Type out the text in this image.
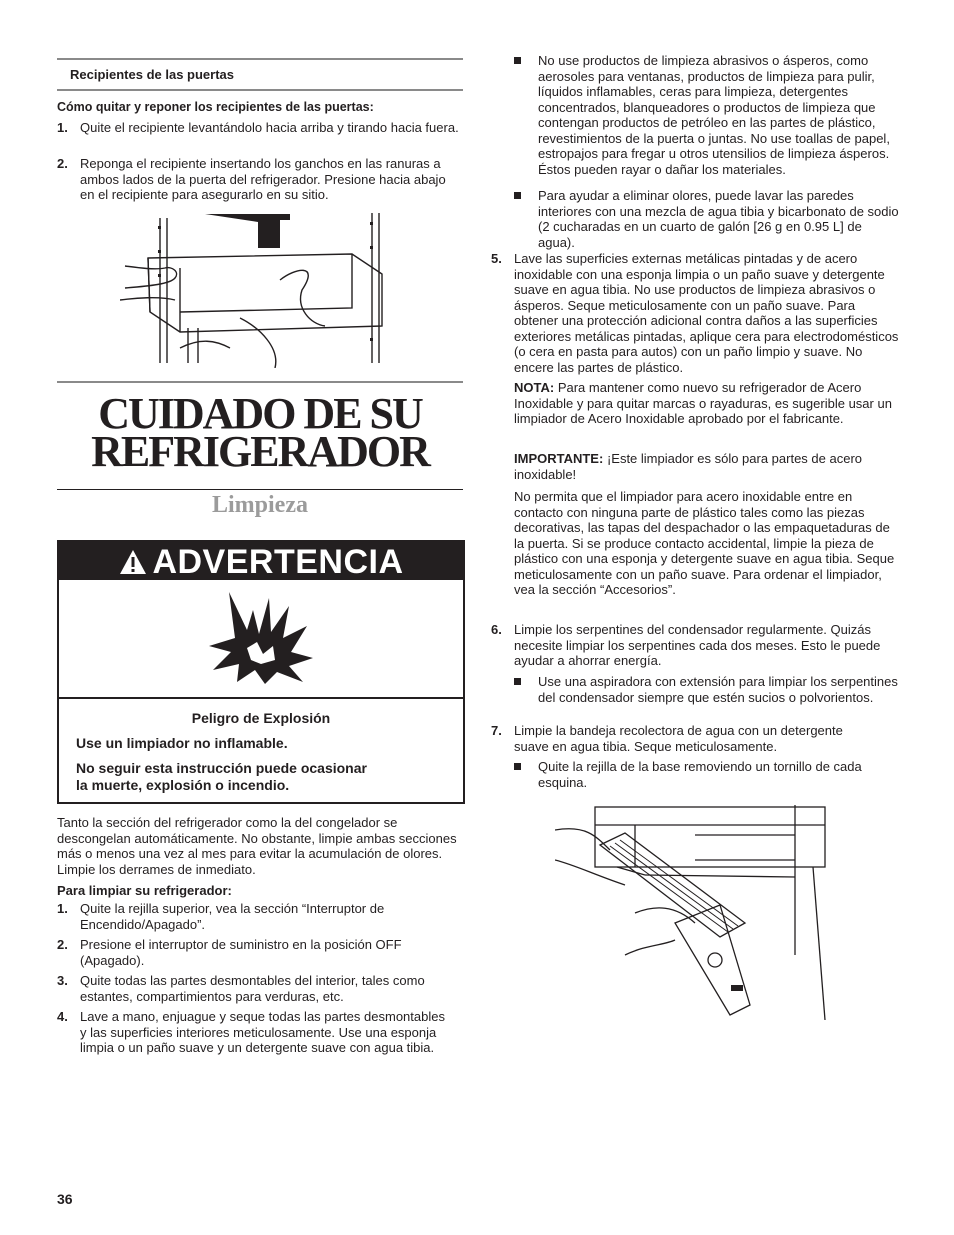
Recipientes de las puertas
Cómo quitar y reponer los recipientes de las puertas:
1. Quite el recipiente levantándolo hacia arriba y tirando hacia fuera.
2. Reponga el recipiente insertando los ganchos en las ranuras a ambos lados de la puerta del refrigerador. Presione hacia abajo en el recipiente para asegurarlo en su sitio.
CUIDADO DE SU
REFRIGERADOR
Limpieza
ADVERTENCIA
Peligro de Explosión
Use un limpiador no inflamable.
No seguir esta instrucción puede ocasionar
la muerte, explosión o incendio.
Tanto la sección del refrigerador como la del congelador se descongelan automáticamente. No obstante, limpie ambas secciones más o menos una vez al mes para evitar la acumulación de olores. Limpie los derrames de inmediato.
Para limpiar su refrigerador:
1. Quite la rejilla superior, vea la sección “Interruptor de Encendido/Apagado”.
2. Presione el interruptor de suministro en la posición OFF (Apagado).
3. Quite todas las partes desmontables del interior, tales como estantes, compartimientos para verduras, etc.
4. Lave a mano, enjuague y seque todas las partes desmontables y las superficies interiores meticulosamente. Use una esponja limpia o un paño suave y un detergente suave con agua tibia.
36
No use productos de limpieza abrasivos o ásperos, como aerosoles para ventanas, productos de limpieza para pulir, líquidos inflamables, ceras para limpieza, detergentes concentrados, blanqueadores o productos de limpieza que contengan productos de petróleo en las partes de plástico, revestimientos de la puerta o juntas. No use toallas de papel, estropajos para fregar u otros utensilios de limpieza ásperos. Éstos pueden rayar o dañar los materiales.
Para ayudar a eliminar olores, puede lavar las paredes interiores con una mezcla de agua tibia y bicarbonato de sodio (2 cucharadas en un cuarto de galón [26 g en 0.95 L] de agua).
5. Lave las superficies externas metálicas pintadas y de acero inoxidable con una esponja limpia o un paño suave y detergente suave en agua tibia. No use productos de limpieza abrasivos o ásperos. Seque meticulosamente con un paño suave. Para obtener una protección adicional contra daños a las superficies exteriores metálicas pintadas, aplique cera para electrodomésticos (o cera en pasta para autos) con un paño limpio y suave. No encere las partes de plástico.
NOTA: Para mantener como nuevo su refrigerador de Acero Inoxidable y para quitar marcas o rayaduras, es sugerible usar un limpiador de Acero Inoxidable aprobado por el fabricante.
IMPORTANTE: ¡Este limpiador es sólo para partes de acero inoxidable!
No permita que el limpiador para acero inoxidable entre en contacto con ninguna parte de plástico tales como las piezas decorativas, las tapas del despachador o las empaquetaduras de la puerta. Si se produce contacto accidental, limpie la pieza de plástico con una esponja y detergente suave en agua tibia. Seque meticulosamente con un paño suave. Para ordenar el limpiador, vea la sección “Accesorios”.
6. Limpie los serpentines del condensador regularmente. Quizás necesite limpiar los serpentines cada dos meses. Esto le puede ayudar a ahorrar energía.
Use una aspiradora con extensión para limpiar los serpentines del condensador siempre que estén sucios o polvorientos.
7. Limpie la bandeja recolectora de agua con un detergente suave en agua tibia. Seque meticulosamente.
Quite la rejilla de la base removiendo un tornillo de cada esquina.
